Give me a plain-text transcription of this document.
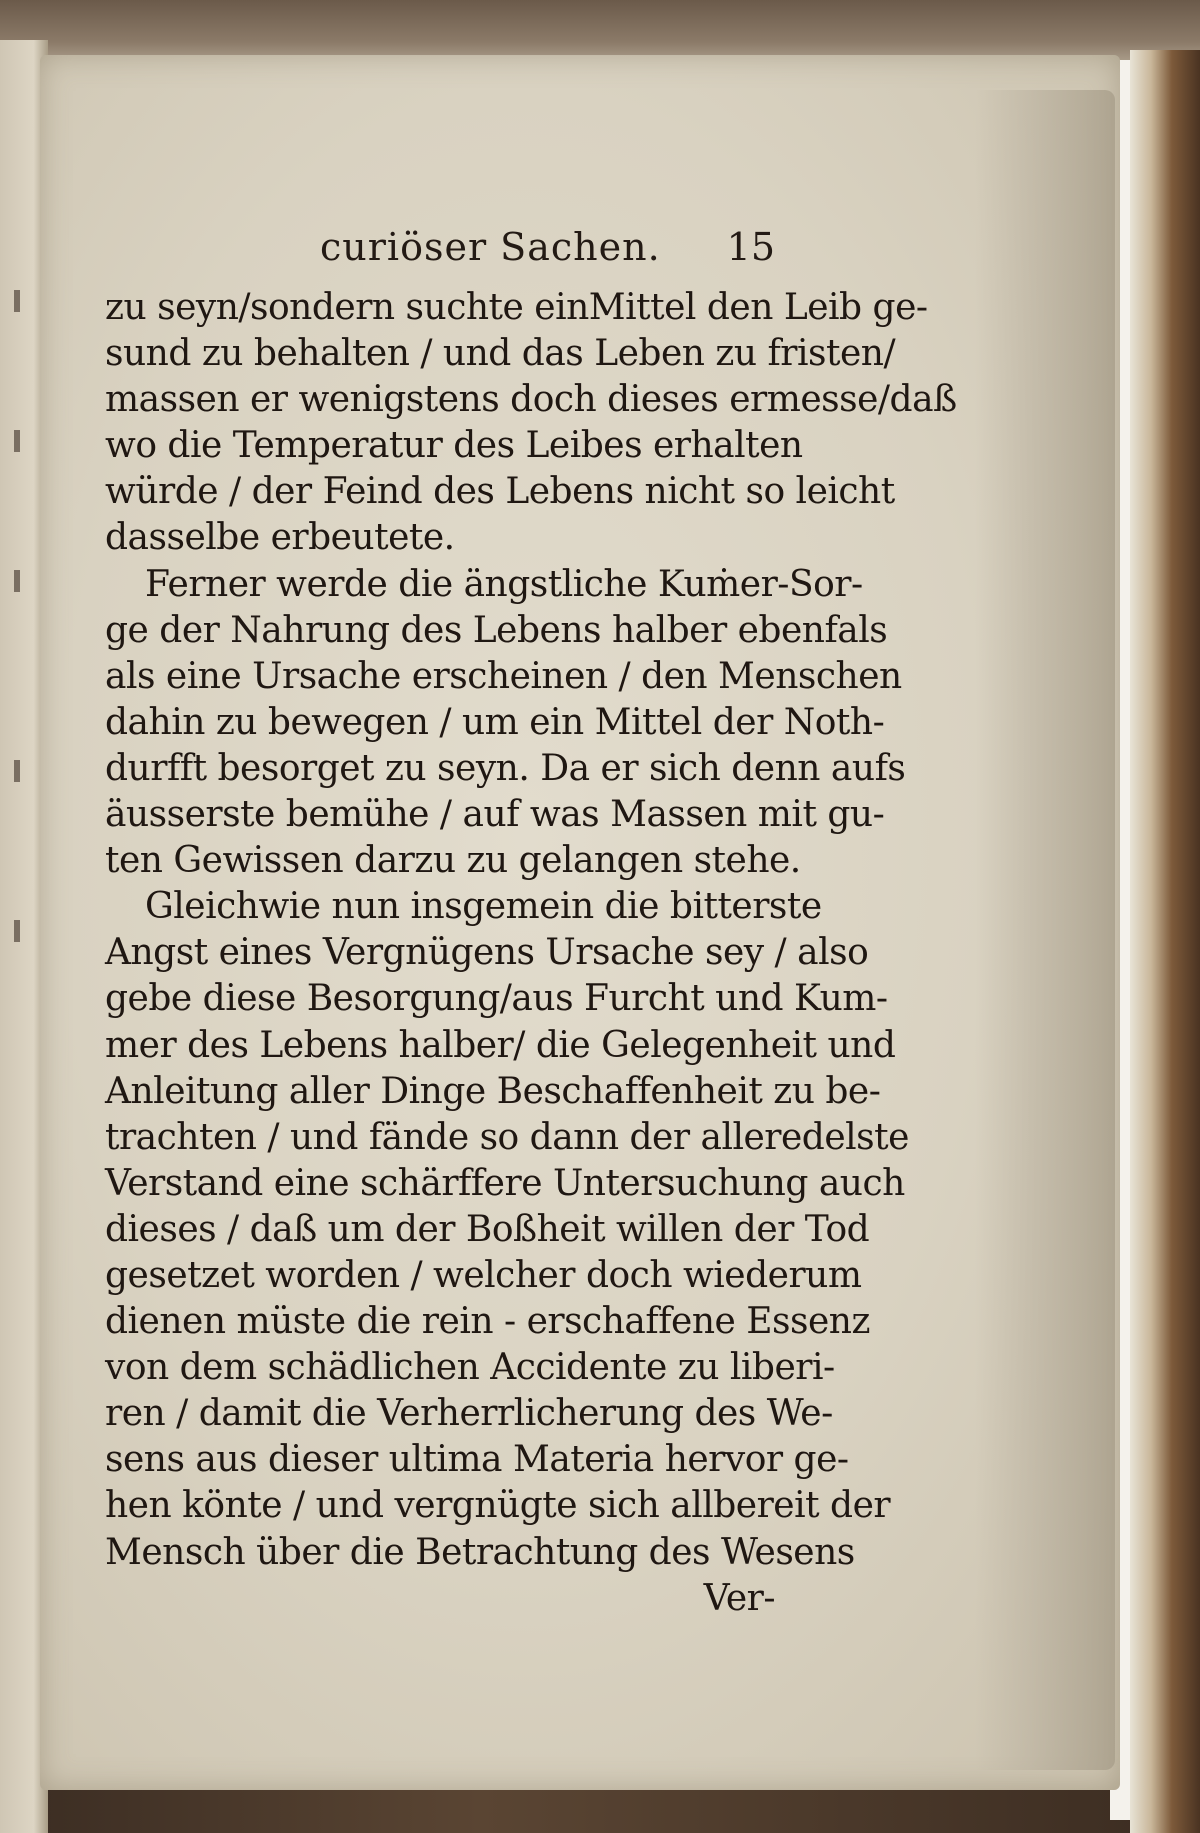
curiöser Sachen. 15
zu seyn/sondern suchte einMittel den Leib ge-
sund zu behalten / und das Leben zu fristen/
massen er wenigstens doch dieses ermesse/daß
wo die Temperatur des Leibes erhalten
würde / der Feind des Lebens nicht so leicht
dasselbe erbeutete.
Ferner werde die ängstliche Kuṁer-Sor-
ge der Nahrung des Lebens halber ebenfals
als eine Ursache erscheinen / den Menschen
dahin zu bewegen / um ein Mittel der Noth-
durfft besorget zu seyn. Da er sich denn aufs
äusserste bemühe / auf was Massen mit gu-
ten Gewissen darzu zu gelangen stehe.
Gleichwie nun insgemein die bitterste
Angst eines Vergnügens Ursache sey / also
gebe diese Besorgung/aus Furcht und Kum-
mer des Lebens halber/ die Gelegenheit und
Anleitung aller Dinge Beschaffenheit zu be-
trachten / und fände so dann der alleredelste
Verstand eine schärffere Untersuchung auch
dieses / daß um der Boßheit willen der Tod
gesetzet worden / welcher doch wiederum
dienen müste die rein - erschaffene Essenz
von dem schädlichen Accidente zu liberi-
ren / damit die Verherrlicherung des We-
sens aus dieser ultima Materia hervor ge-
hen könte / und vergnügte sich allbereit der
Mensch über die Betrachtung des Wesens
Ver-
